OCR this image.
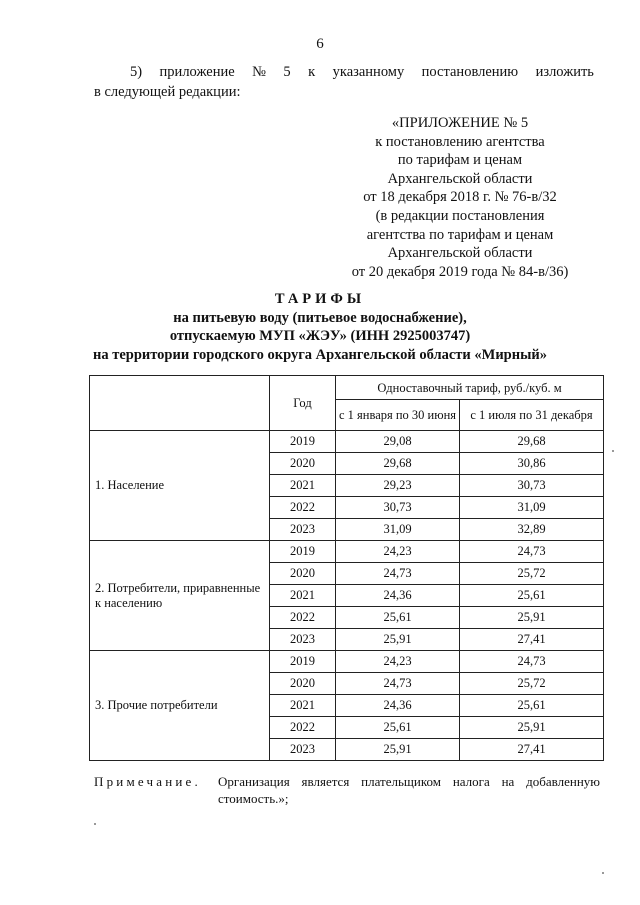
6
5) приложение № 5 к указанному постановлению изложить
в следующей редакции:
«ПРИЛОЖЕНИЕ № 5
к постановлению агентства
по тарифам и ценам
Архангельской области
от 18 декабря 2018 г. № 76-в/32
(в редакции постановления
агентства по тарифам и ценам
Архангельской области
от 20 декабря 2019 года № 84-в/36)
ТАРИФЫ
на питьевую воду (питьевое водоснабжение),
отпускаемую МУП «ЖЭУ» (ИНН 2925003747)
на территории городского округа Архангельской области «Мирный»
	Год	Одноставочный тариф, руб./куб. м	
		с 1 января по 30 июня	с 1 июля по 31 декабря
1. Население	2019	29,08	29,68
	2020	29,68	30,86
	2021	29,23	30,73
	2022	30,73	31,09
	2023	31,09	32,89
2. Потребители, приравненные к населению	2019	24,23	24,73
	2020	24,73	25,72
	2021	24,36	25,61
	2022	25,61	25,91
	2023	25,91	27,41
3. Прочие потребители	2019	24,23	24,73
	2020	24,73	25,72
	2021	24,36	25,61
	2022	25,61	25,91
	2023	25,91	27,41
Примечание. Организация является плательщиком налога на добавленную
стоимость.»;
